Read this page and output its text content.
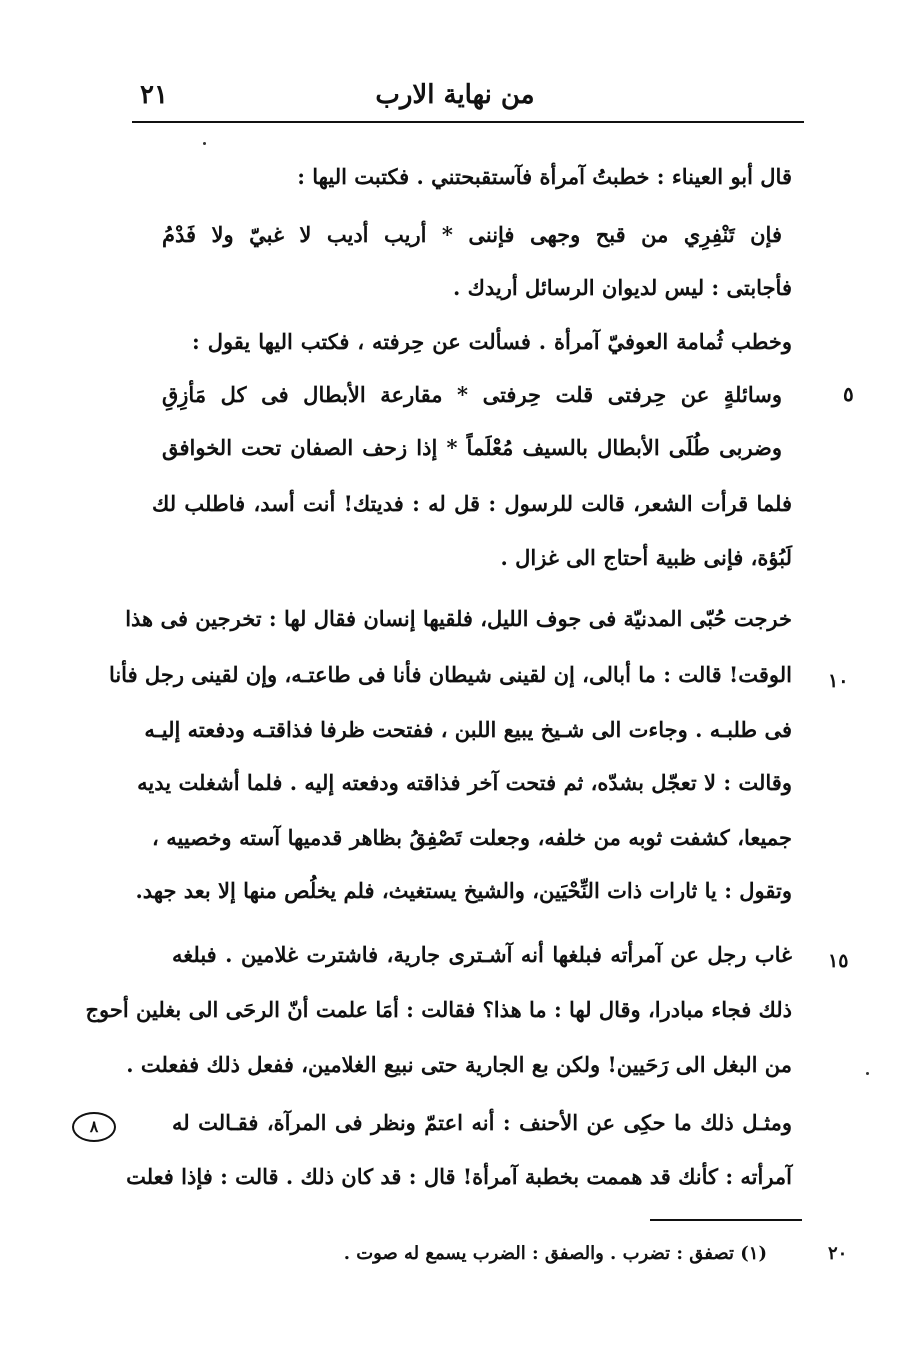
من نهاية الارب
٢١
قال أبو العيناء : خطبتُ آمرأة فآستقبحتني . فكتبت اليها :
فإن تَنْفِرِي من قبح وجهى فإننى * أريب أديب لا غبيّ ولا فَدْمُ
فأجابتى : ليس لديوان الرسائل أريدك .
وخطب ثُمامة العوفيّ آمرأة . فسألت عن حِرفته ، فكتب اليها يقول :
وسائلةٍ عن حِرفتى قلت حِرفتى * مقارعة الأبطال فى كل مَأزِقِ
وضربى طُلَى الأبطال بالسيف مُعْلَماً * إذا زحف الصفان تحت الخوافق
فلما قرأت الشعر، قالت للرسول : قل له : فديتك! أنت أسد، فاطلب لك
لَبُؤة، فإنى ظبية أحتاج الى غزال .
خرجت حُبّى المدنيّة فى جوف الليل، فلقيها إنسان فقال لها : تخرجين فى هذا
الوقت! قالت : ما أبالى، إن لقينى شيطان فأنا فى طاعتـه، وإن لقينى رجل فأنا
فى طلبـه . وجاءت الى شـيخ يبيع اللبن ، ففتحت ظرفا فذاقتـه ودفعته إليـه
وقالت : لا تعجّل بشدّه، ثم فتحت آخر فذاقته ودفعته إليه . فلما أشغلت يديه
جميعا، كشفت ثوبه من خلفه، وجعلت تَصْفِقُ بظاهر قدميها آسته وخصييه ،
وتقول : يا ثارات ذات النِّحْيَين، والشيخ يستغيث، فلم يخلُص منها إلا بعد جهد.
غاب رجل عن آمرأته فبلغها أنه آشـترى جارية، فاشترت غلامين . فبلغه
ذلك فجاء مبادرا، وقال لها : ما هذا؟ فقالت : أمَا علمت أنّ الرحَى الى بغلين أحوج
من البغل الى رَحَيين! ولكن بع الجارية حتى نبيع الغلامين، ففعل ذلك ففعلت .
ومثـل ذلك ما حكِى عن الأحنف : أنه اعتمّ ونظر فى المرآة، فقـالت له
آمرأته : كأنك قد هممت بخطبة آمرأة! قال : قد كان ذلك . قالت : فإذا فعلت
٥
١٠
١٥
٨
(١) تصفق : تضرب . والصفق : الضرب يسمع له صوت .	٢٠
